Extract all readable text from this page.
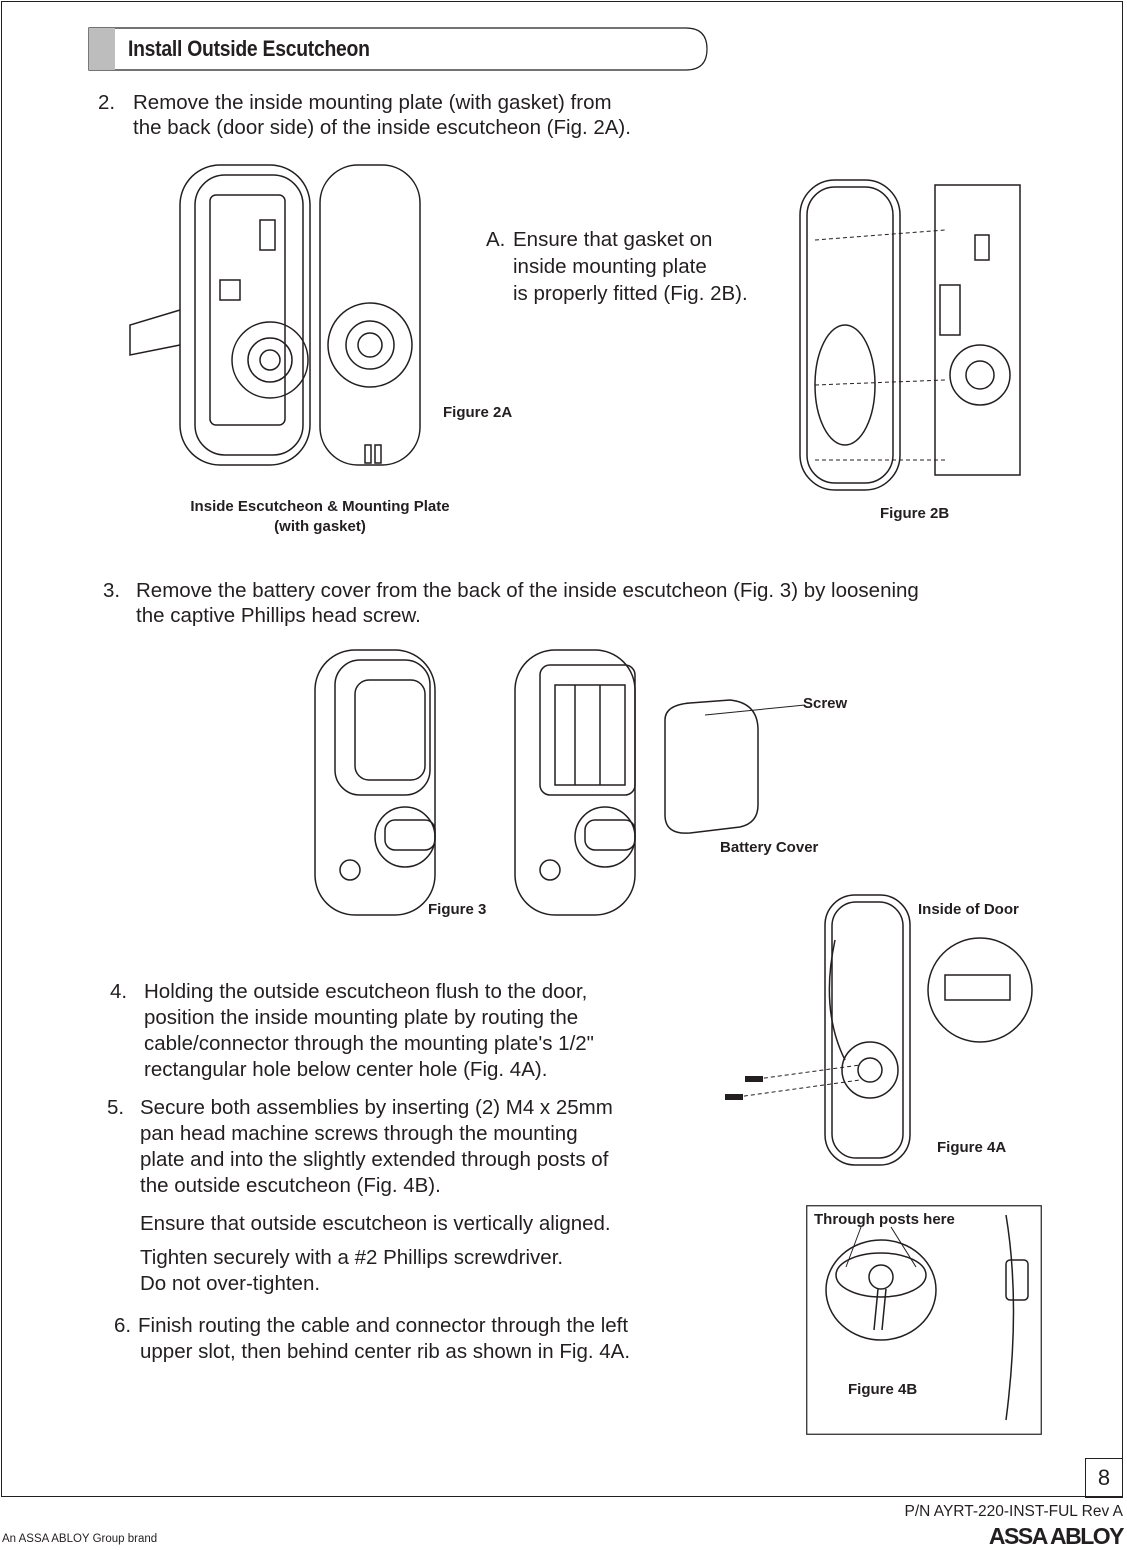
Install Outside Escutcheon
2. Remove the inside mounting plate (with gasket) from
the back (door side) of the inside escutcheon (Fig. 2A).
A. Ensure that gasket on
inside mounting plate
is properly fitted (Fig. 2B).
Figure 2A
Inside Escutcheon & Mounting Plate
(with gasket)
Figure 2B
3. Remove the battery cover from the back of the inside escutcheon (Fig. 3) by loosening
the captive Phillips head screw.
Screw
Battery Cover
Figure 3	Inside of Door
Figure 4A
4. Holding the outside escutcheon flush to the door,
position the inside mounting plate by routing the
cable/connector through the mounting plate's 1/2"
rectangular hole below center hole (Fig. 4A).
5. Secure both assemblies by inserting (2) M4 x 25mm
pan head machine screws through the mounting
plate and into the slightly extended through posts of
the outside escutcheon (Fig. 4B).
Ensure that outside escutcheon is vertically aligned.
Tighten securely with a #2 Phillips screwdriver.
Do not over-tighten.
6. Finish routing the cable and connector through the left
upper slot, then behind center rib as shown in Fig. 4A.
Through posts here
Figure 4B
8
P/N AYRT-220-INST-FUL Rev A
An ASSA ABLOY Group brand	ASSA ABLOY
